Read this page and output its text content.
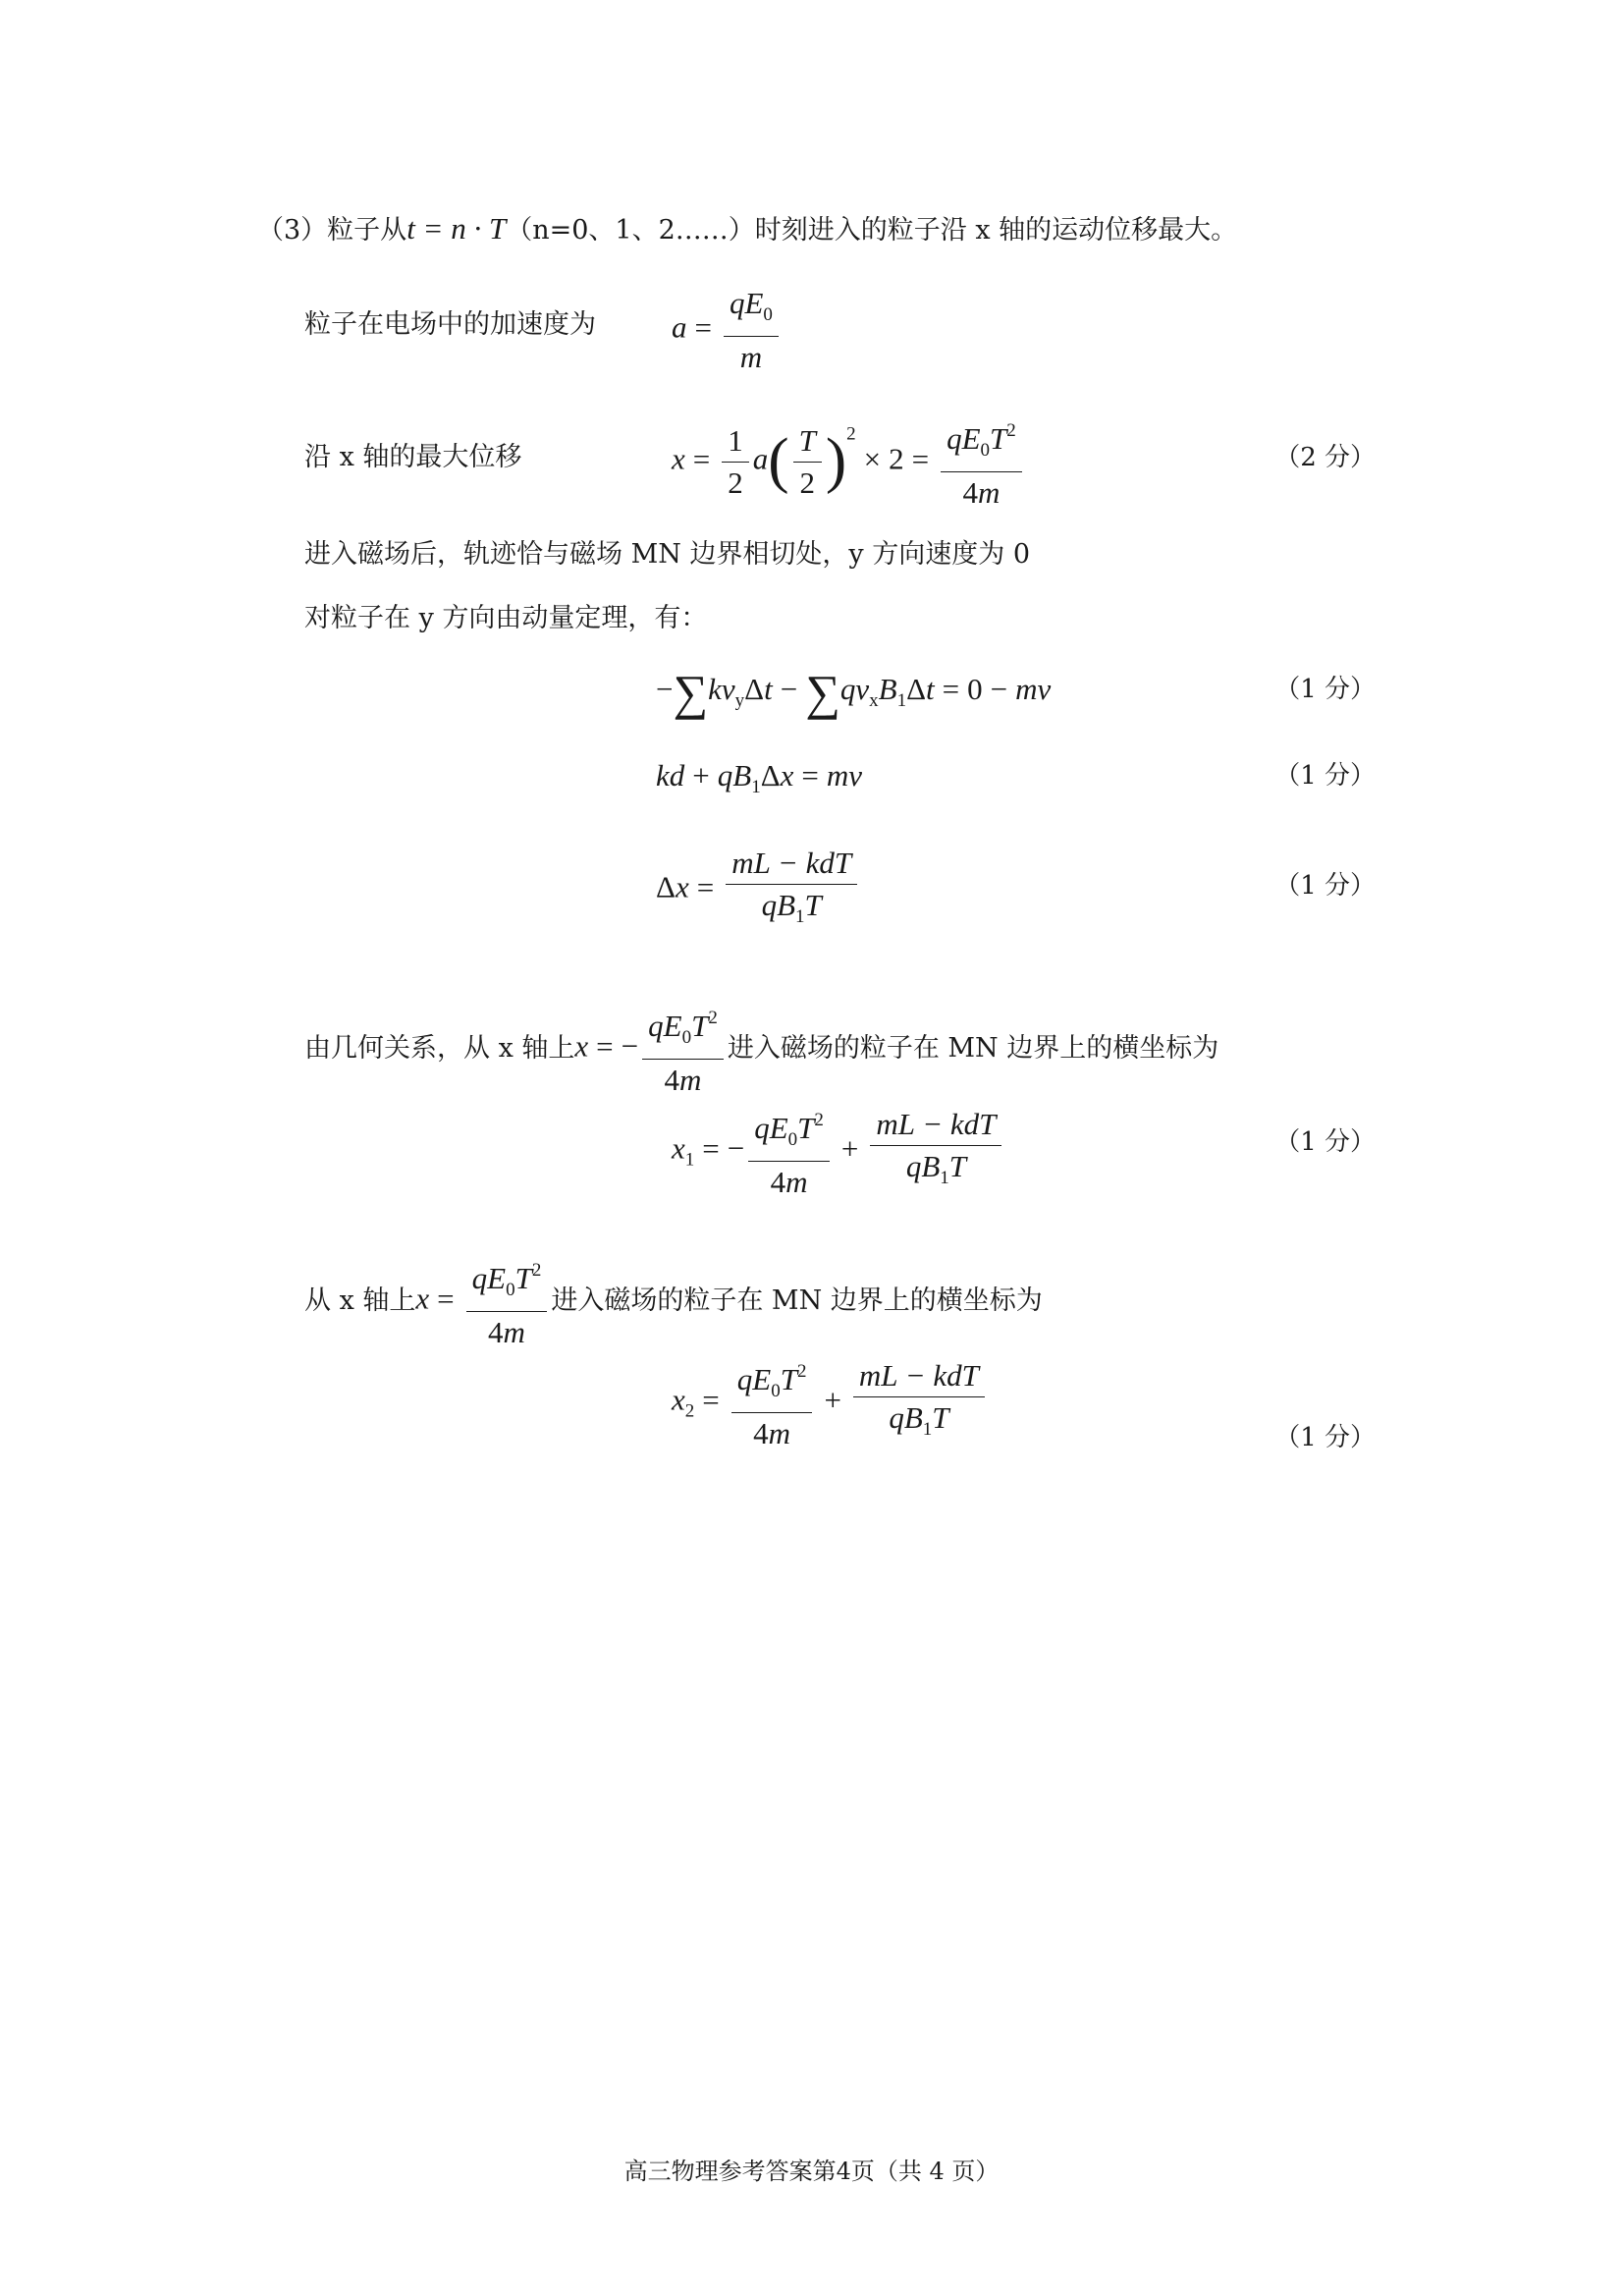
（3）粒子从t = n · T（n=0、1、2……）时刻进入的粒子沿 x 轴的运动位移最大。
粒子在电场中的加速度为 $a = \frac{qE_0}{m}$
沿 x 轴的最大位移	$x = \frac{1}{2} a( \frac{T}{2} )^2\times 2 = \frac{qE_0T^2}{4m}$	（2 分）
进入磁场后，轨迹恰与磁场 MN 边界相切处，y 方向速度为 0
对粒子在 y 方向由动量定理，有：
$-\sum kv_y\Delta t - \sum qv_xB_1\Delta t = 0$ − mv	（1 分）
kd + $qB_1\Delta x$ = mv	（1 分）
$\Delta x = \frac{\text{mL − kdT}}{qB_1T}$	（1 分）
由几何关系，从 x 轴上x = − $\frac{qE_0T^2}{4m}$ 进入磁场的粒子在 MN 边界上的横坐标为
$x_1$ = − $\frac{qE_0T^2}{4m} + \frac{\text{mL − kdT}}{qB_1T}$	（1 分）
从 x 轴上$x = \frac{qE_0T^2}{4m}$ 进入磁场的粒子在 MN 边界上的横坐标为
$x_2 = \frac{qE_0T^2}{4m} + \frac{\text{mL − kdT}}{qB_1T}$	（1 分）
高三物理参考答案第4页（共 4 页）
